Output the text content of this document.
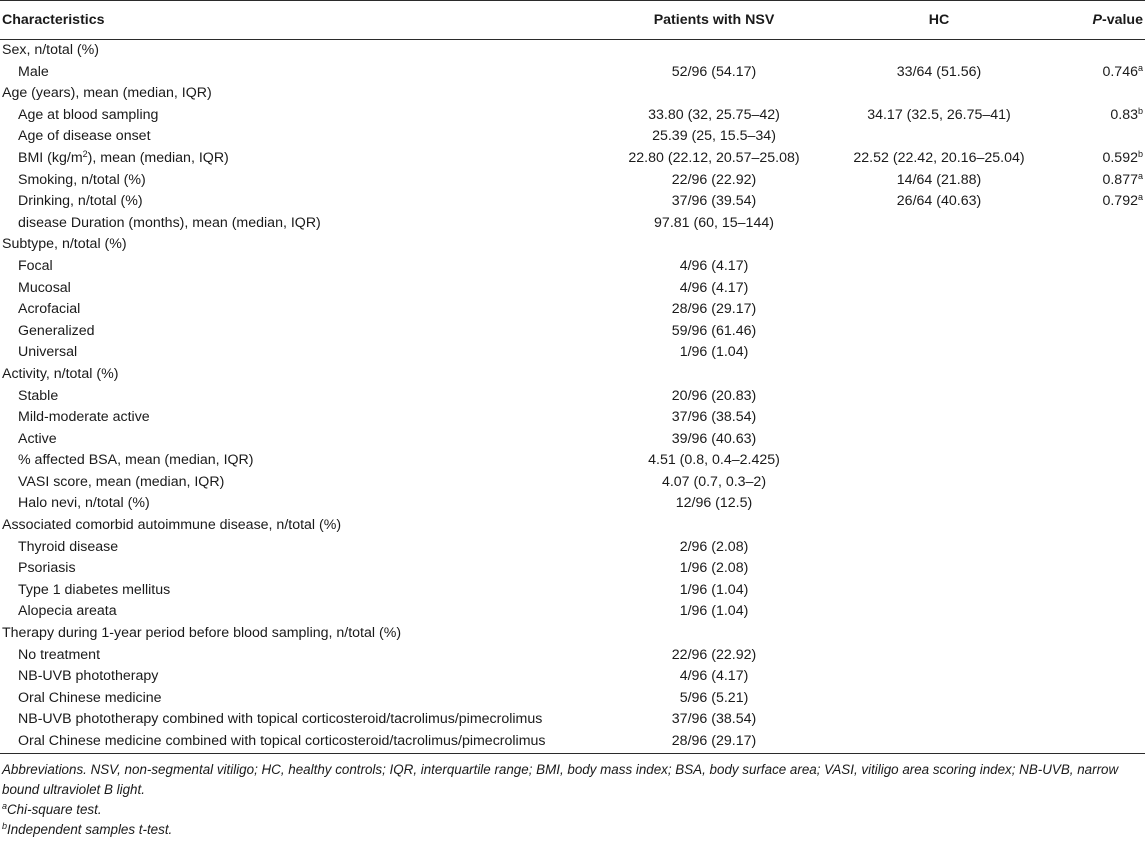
Characteristics	Patients with NSV	HC	P-value
Sex, n/total (%)			
Male	52/96 (54.17)	33/64 (51.56)	0.746$^a$
Age (years), mean (median, IQR)			
Age at blood sampling	33.80 (32, 25.75–42)	34.17 (32.5, 26.75–41)	0.83$^b$
Age of disease onset	25.39 (25, 15.5–34)		
BMI $(kg/m^2)$, mean (median, IQR)	22.80 (22.12, 20.57–25.08)	22.52 (22.42, 20.16–25.04)	0.592$^b$
Smoking, n/total (%)	22/96 (22.92)	14/64 (21.88)	0.877$^a$
Drinking, n/total (%)	37/96 (39.54)	26/64 (40.63)	0.792$^a$
disease Duration (months), mean (median, IQR)	97.81 (60, 15–144)		
Subtype, n/total (%)			
Focal	4/96 (4.17)		
Mucosal	4/96 (4.17)		
Acrofacial	28/96 (29.17)		
Generalized	59/96 (61.46)		
Universal	1/96 (1.04)		
Activity, n/total (%)			
Stable	20/96 (20.83)		
Mild-moderate active	37/96 (38.54)		
Active	39/96 (40.63)		
% affected BSA, mean (median, IQR)	4.51 (0.8, 0.4–2.425)		
VASI score, mean (median, IQR)	4.07 (0.7, 0.3–2)		
Halo nevi, n/total (%)	12/96 (12.5)		
Associated comorbid autoimmune disease, n/total (%)			
Thyroid disease	2/96 (2.08)		
Psoriasis	1/96 (2.08)		
Type 1 diabetes mellitus	1/96 (1.04)		
Alopecia areata	1/96 (1.04)		
Therapy during 1-year period before blood sampling, n/total (%)			
No treatment	22/96 (22.92)		
NB-UVB phototherapy	4/96 (4.17)		
Oral Chinese medicine	5/96 (5.21)		
NB-UVB phototherapy combined with topical corticosteroid/tacrolimus/pimecrolimus	37/96 (38.54)		
Oral Chinese medicine combined with topical corticosteroid/tacrolimus/pimecrolimus	28/96 (29.17)		
Abbreviations. NSV, non-segmental vitiligo; HC, healthy controls; IQR, interquartile range; BMI, body mass index; BSA, body surface area; VASI, vitiligo area scoring index; NB-UVB, narrow bound ultraviolet B light.
$^a$Chi-square test.
$^b$Independent samples t-test.
